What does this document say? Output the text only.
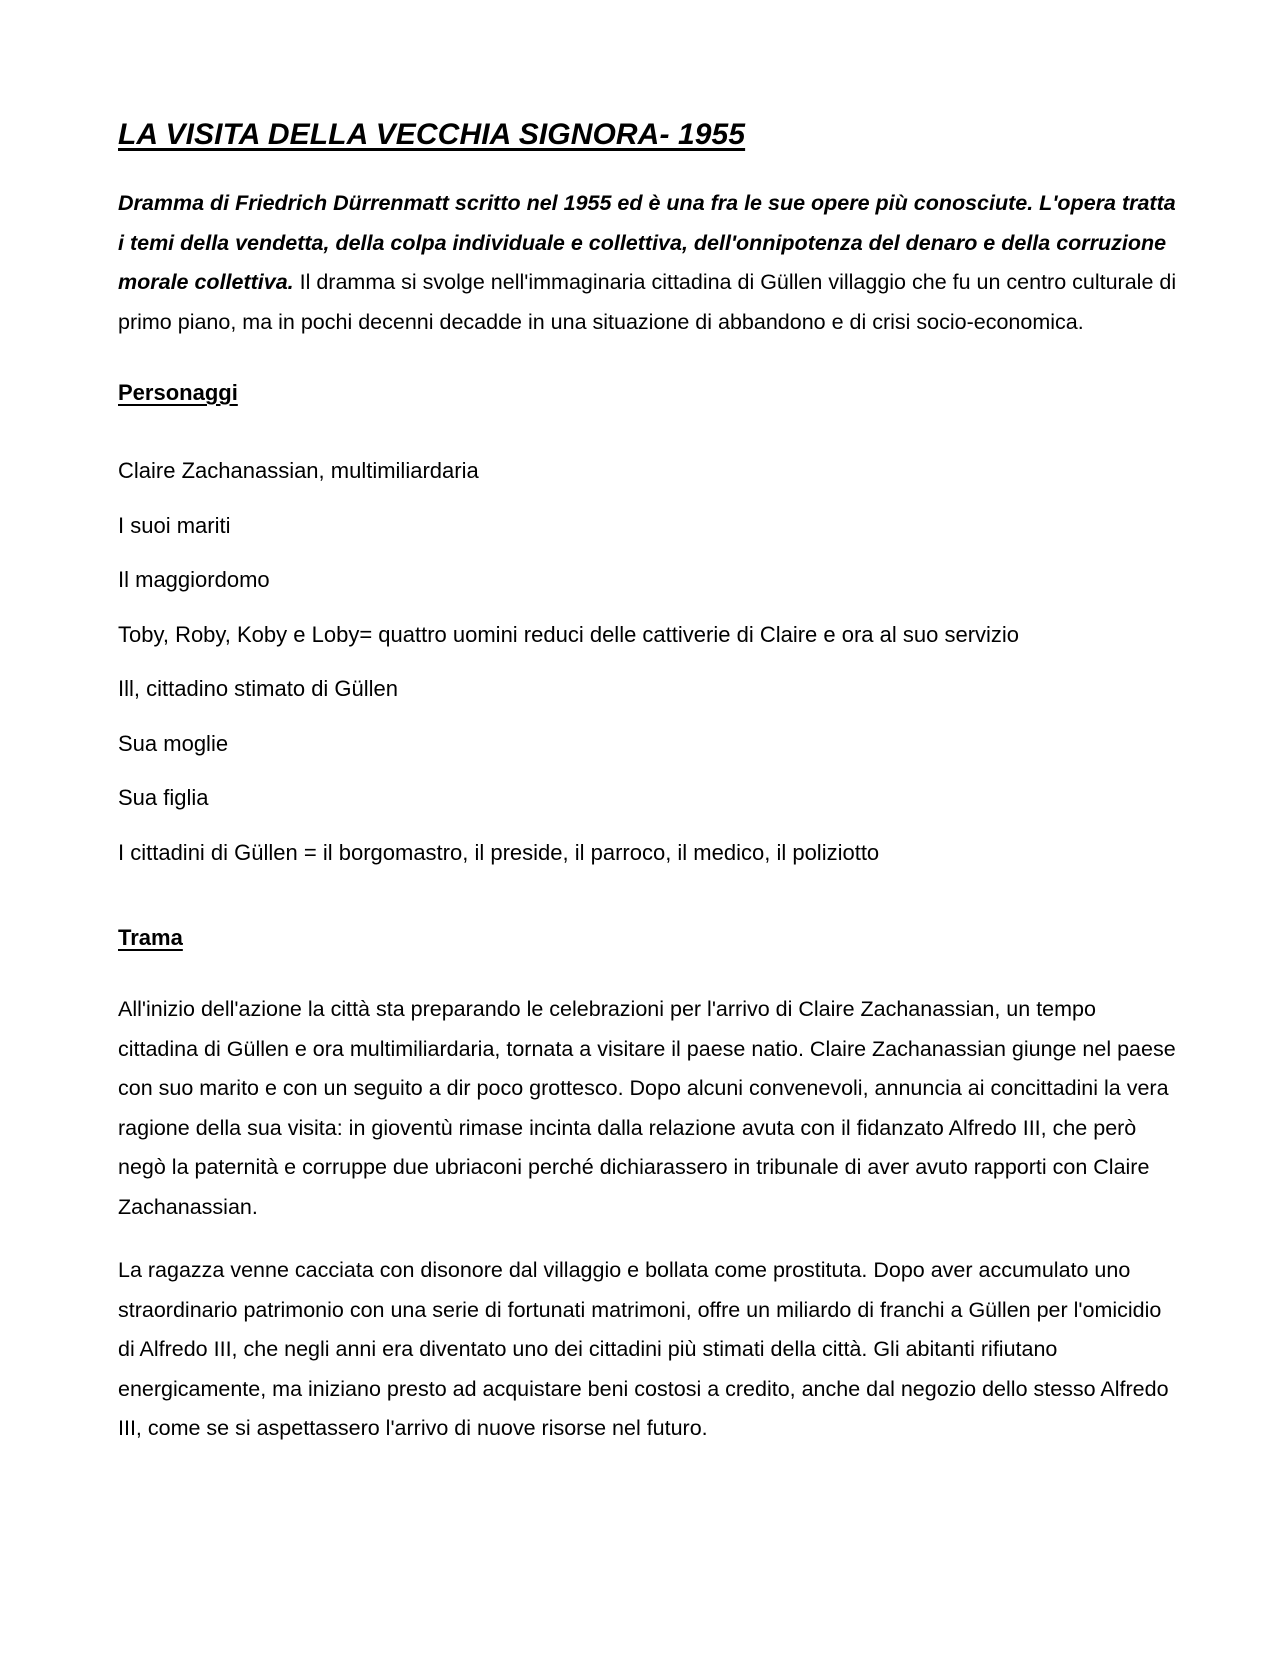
LA VISITA DELLA VECCHIA SIGNORA- 1955

Dramma di Friedrich Dürrenmatt scritto nel 1955 ed è una fra le sue opere più conosciute. L'opera tratta i temi della vendetta, della colpa individuale e collettiva, dell'onnipotenza del denaro e della corruzione morale collettiva. Il dramma si svolge nell'immaginaria cittadina di Güllen villaggio che fu un centro culturale di primo piano, ma in pochi decenni decadde in una situazione di abbandono e di crisi socio-economica.

Personaggi
Claire Zachanassian, multimiliardaria
I suoi mariti
Il maggiordomo
Toby, Roby, Koby e Loby= quattro uomini reduci delle cattiverie di Claire e ora al suo servizio
Ill, cittadino stimato di Güllen
Sua moglie
Sua figlia
I cittadini di Güllen = il borgomastro, il preside, il parroco, il medico, il poliziotto
Trama

All'inizio dell'azione la città sta preparando le celebrazioni per l'arrivo di Claire Zachanassian, un tempo cittadina di Güllen e ora multimiliardaria, tornata a visitare il paese natio. Claire Zachanassian giunge nel paese con suo marito e con un seguito a dir poco grottesco. Dopo alcuni convenevoli, annuncia ai concittadini la vera ragione della sua visita: in gioventù rimase incinta dalla relazione avuta con il fidanzato Alfredo III, che però negò la paternità e corruppe due ubriaconi perché dichiarassero in tribunale di aver avuto rapporti con Claire Zachanassian.

La ragazza venne cacciata con disonore dal villaggio e bollata come prostituta. Dopo aver accumulato uno straordinario patrimonio con una serie di fortunati matrimoni, offre un miliardo di franchi a Güllen per l'omicidio di Alfredo III, che negli anni era diventato uno dei cittadini più stimati della città. Gli abitanti rifiutano energicamente, ma iniziano presto ad acquistare beni costosi a credito, anche dal negozio dello stesso Alfredo III, come se si aspettassero l'arrivo di nuove risorse nel futuro.
